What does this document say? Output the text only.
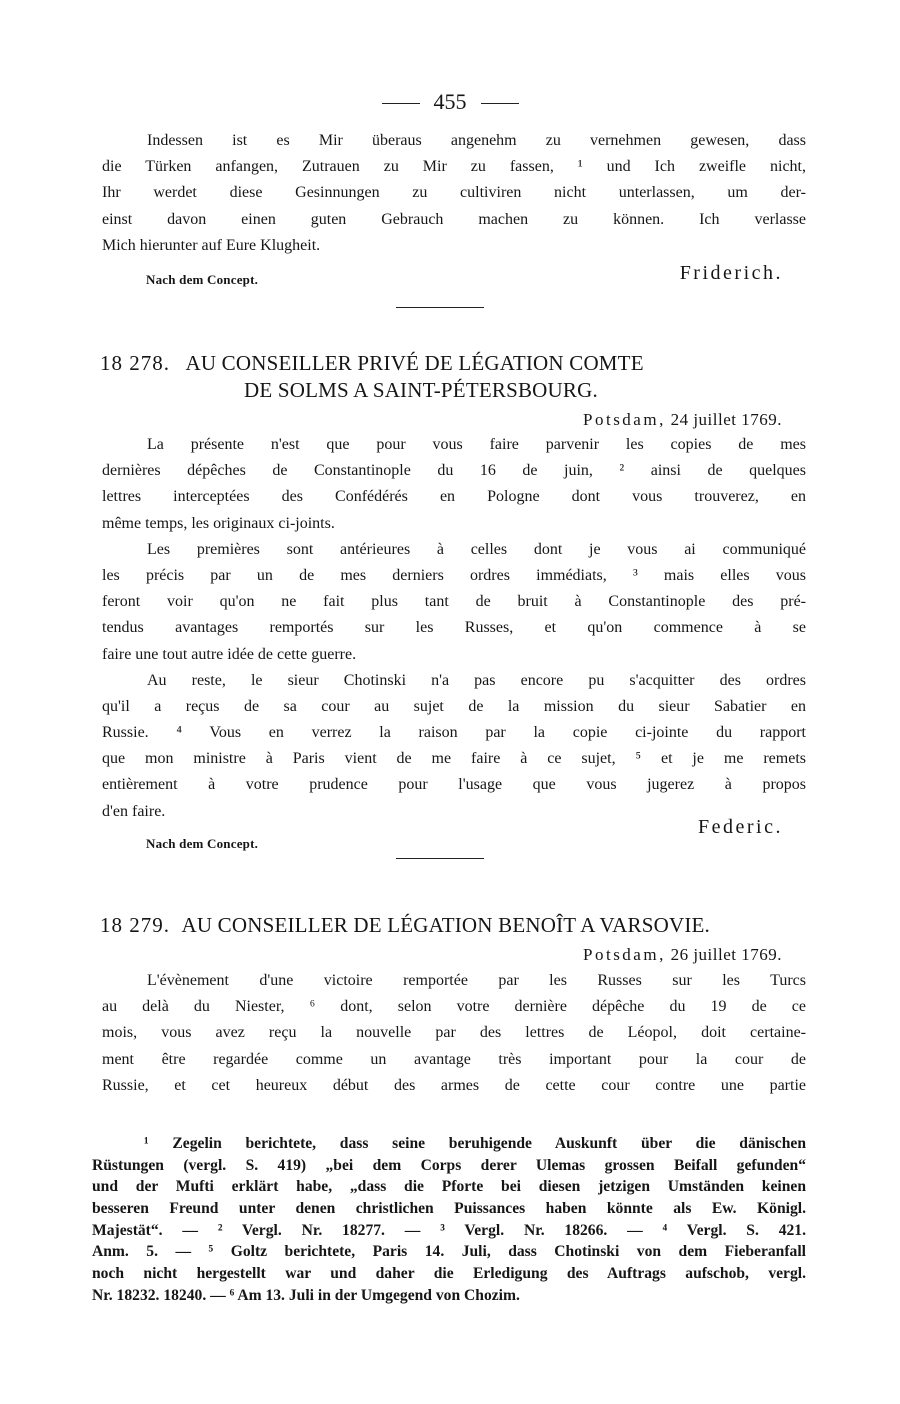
455
Indessen ist es Mir überaus angenehm zu vernehmen gewesen, dass
die Türken anfangen, Zutrauen zu Mir zu fassen, ¹ und Ich zweifle nicht,
Ihr werdet diese Gesinnungen zu cultiviren nicht unterlassen, um der-
einst davon einen guten Gebrauch machen zu können. Ich verlasse
Mich hierunter auf Eure Klugheit.
Nach dem Concept.	Friderich.
18 278. AU CONSEILLER PRIVÉ DE LÉGATION COMTE
DE SOLMS A SAINT-PÉTERSBOURG.
Potsdam, 24 juillet 1769.
La présente n'est que pour vous faire parvenir les copies de mes
dernières dépêches de Constantinople du 16 de juin, ² ainsi de quelques
lettres interceptées des Confédérés en Pologne dont vous trouverez, en
même temps, les originaux ci-joints.
Les premières sont antérieures à celles dont je vous ai communiqué
les précis par un de mes derniers ordres immédiats, ³ mais elles vous
feront voir qu'on ne fait plus tant de bruit à Constantinople des pré-
tendus avantages remportés sur les Russes, et qu'on commence à se
faire une tout autre idée de cette guerre.
Au reste, le sieur Chotinski n'a pas encore pu s'acquitter des ordres
qu'il a reçus de sa cour au sujet de la mission du sieur Sabatier en
Russie. ⁴ Vous en verrez la raison par la copie ci-jointe du rapport
que mon ministre à Paris vient de me faire à ce sujet, ⁵ et je me remets
entièrement à votre prudence pour l'usage que vous jugerez à propos
d'en faire.
Nach dem Concept.
Federic.
18 279. AU CONSEILLER DE LÉGATION BENOÎT A VARSOVIE.
Potsdam, 26 juillet 1769.
L'évènement d'une victoire remportée par les Russes sur les Turcs
au delà du Niester, ⁶ dont, selon votre dernière dépêche du 19 de ce
mois, vous avez reçu la nouvelle par des lettres de Léopol, doit certaine-
ment être regardée comme un avantage très important pour la cour de
Russie, et cet heureux début des armes de cette cour contre une partie
¹ Zegelin berichtete, dass seine beruhigende Auskunft über die dänischen
Rüstungen (vergl. S. 419) „bei dem Corps derer Ulemas grossen Beifall gefunden“
und der Mufti erklärt habe, „dass die Pforte bei diesen jetzigen Umständen keinen
besseren Freund unter denen christlichen Puissances haben könnte als Ew. Königl.
Majestät“. — ² Vergl. Nr. 18277. — ³ Vergl. Nr. 18266. — ⁴ Vergl. S. 421.
Anm. 5. — ⁵ Goltz berichtete, Paris 14. Juli, dass Chotinski von dem Fieberanfall
noch nicht hergestellt war und daher die Erledigung des Auftrags aufschob, vergl.
Nr. 18232. 18240. — ⁶ Am 13. Juli in der Umgegend von Chozim.
